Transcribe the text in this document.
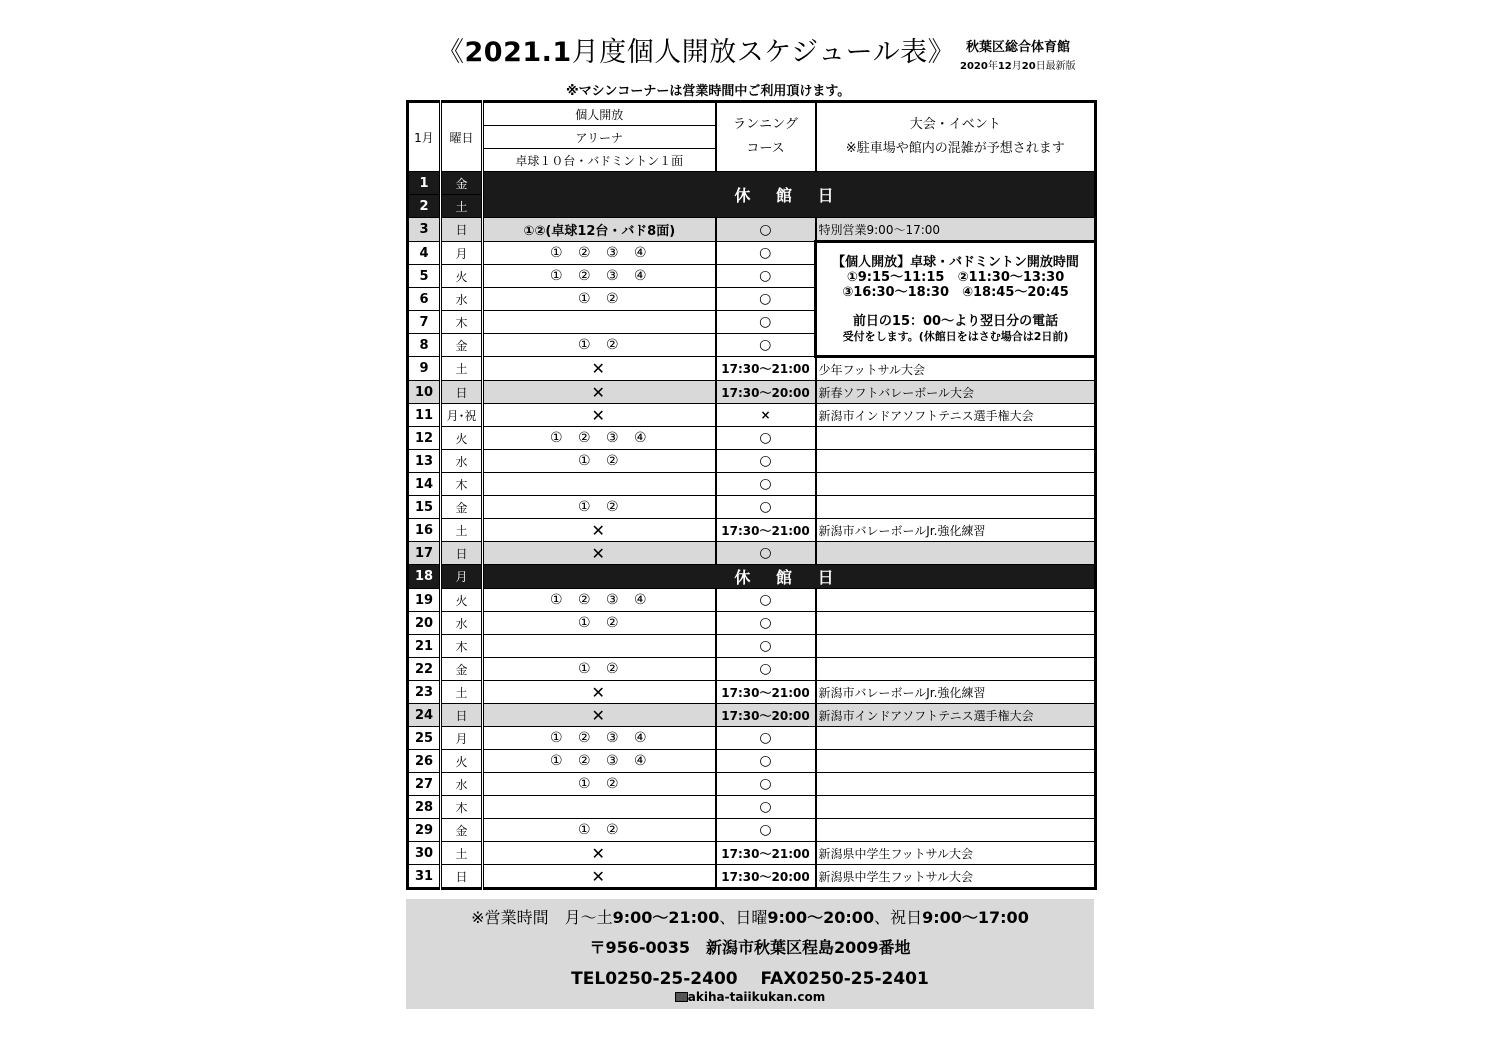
《2021.1月度個人開放スケジュール表》 秋葉区総合体育館
2020年12月20日最新版
※マシンコーナーは営業時間中ご利用頂けます。
1月	曜日	個人開放	ランニング
コース	大会・イベント
※駐車場や館内の混雑が予想されます
		アリーナ		
		卓球１０台・バドミントン１面		
1	金	休 館 日		
2	土			
3	日	①②(卓球12台・バド8面)	○	特別営業9:00～17:00
4	月	① ② ③ ④	○	【個人開放】卓球・バドミントン開放時間
①9:15～11:15　②11:30～13:30
③16:30～18:30　④18:45～20:45
前日の15：00～より翌日分の電話
受付をします。(休館日をはさむ場合は2日前)

5	火	① ② ③ ④	○	
6	水	① ②	○	
7	木		○	
8	金	① ②	○	
9	土	✕	17:30～21:00	少年フットサル大会
10	日	✕	17:30～20:00	新春ソフトバレーボール大会
11	月･祝	✕	×	新潟市インドアソフトテニス選手権大会
12	火	① ② ③ ④	○	
13	水	① ②	○	
14	木		○	
15	金	① ②	○	
16	土	✕	17:30～21:00	新潟市バレーボールJr.強化練習
17	日	✕	○	
18	月	休 館 日		
19	火	① ② ③ ④	○	
20	水	① ②	○	
21	木		○	
22	金	① ②	○	
23	土	✕	17:30～21:00	新潟市バレーボールJr.強化練習
24	日	✕	17:30～20:00	新潟市インドアソフトテニス選手権大会
25	月	① ② ③ ④	○	
26	火	① ② ③ ④	○	
27	水	① ②	○	
28	木		○	
29	金	① ②	○	
30	土	✕	17:30～21:00	新潟県中学生フットサル大会
31	日	✕	17:30～20:00	新潟県中学生フットサル大会
※営業時間　月～土9:00～21:00、日曜9:00～20:00、祝日9:00～17:00
〒956-0035　新潟市秋葉区程島2009番地
TEL0250-25-2400　 FAX0250-25-2401
akiha-taiikukan.com
